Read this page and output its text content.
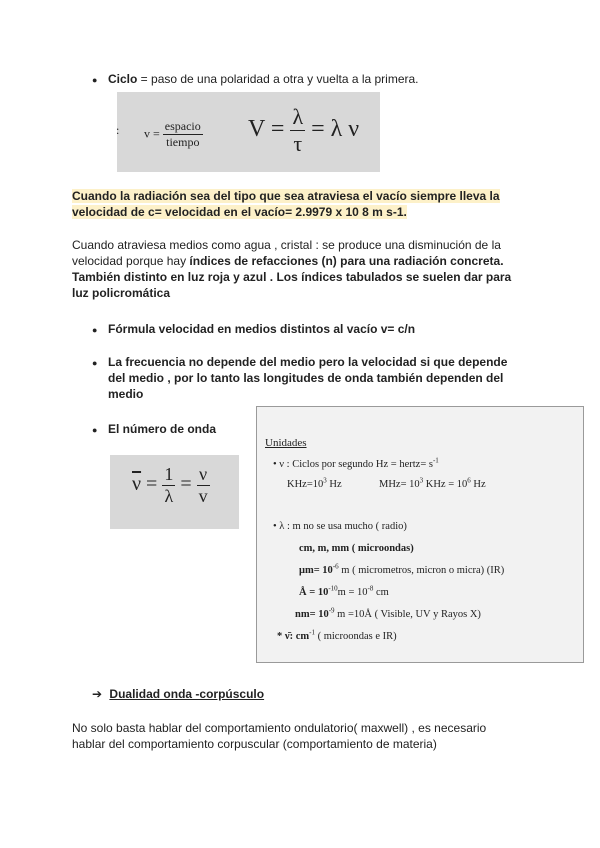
● Ciclo = paso de una polaridad a otra y vuelta a la primera.
: $v = \frac{\text{espacio}}{\text{tiempo}}$ $V = \frac{\lambda}{\tau} = \lambda$ ν
Cuando la radiación sea del tipo que sea atraviesa el vacío siempre lleva la
velocidad de c= velocidad en el vacío= 2.9979 x 10 8 m s-1.
Cuando atraviesa medios como agua , cristal : se produce una disminución de la
velocidad porque hay índices de refacciones (n) para una radiación concreta.
También distinto en luz roja y azul . Los índices tabulados se suelen dar para
luz policromática
● Fórmula velocidad en medios distintos al vacío v= c/n
● La frecuencia no depende del medio pero la velocidad si que depende
del medio , por lo tanto las longitudes de onda también dependen del
medio
● El número de onda
$\overline{\nu} = \frac{1}{\lambda} = \frac{\nu}{v}$
Unidades
• ν : Ciclos por segundo Hz = hertz= $s^{-1}$
$KHz=10^3$ Hz	$MHz= 10^3$ KHz = $10^6$ Hz
• λ : m no se usa mucho ( radio)
cm, m, mm ( microondas)
$\mu m= 10^{-6}$ m ( micrometros, micron o micra) (IR)
Å = $10^{-10}m = 10^{-8}$ cm
$nm= 10^{-9}$ m =10Å ( Visible, UV y Rayos X)
* ν̄: $cm^{-1}$ ( microondas e IR)
➔ Dualidad onda -corpúsculo
No solo basta hablar del comportamiento ondulatorio( maxwell) , es necesario
hablar del comportamiento corpuscular (comportamiento de materia)
